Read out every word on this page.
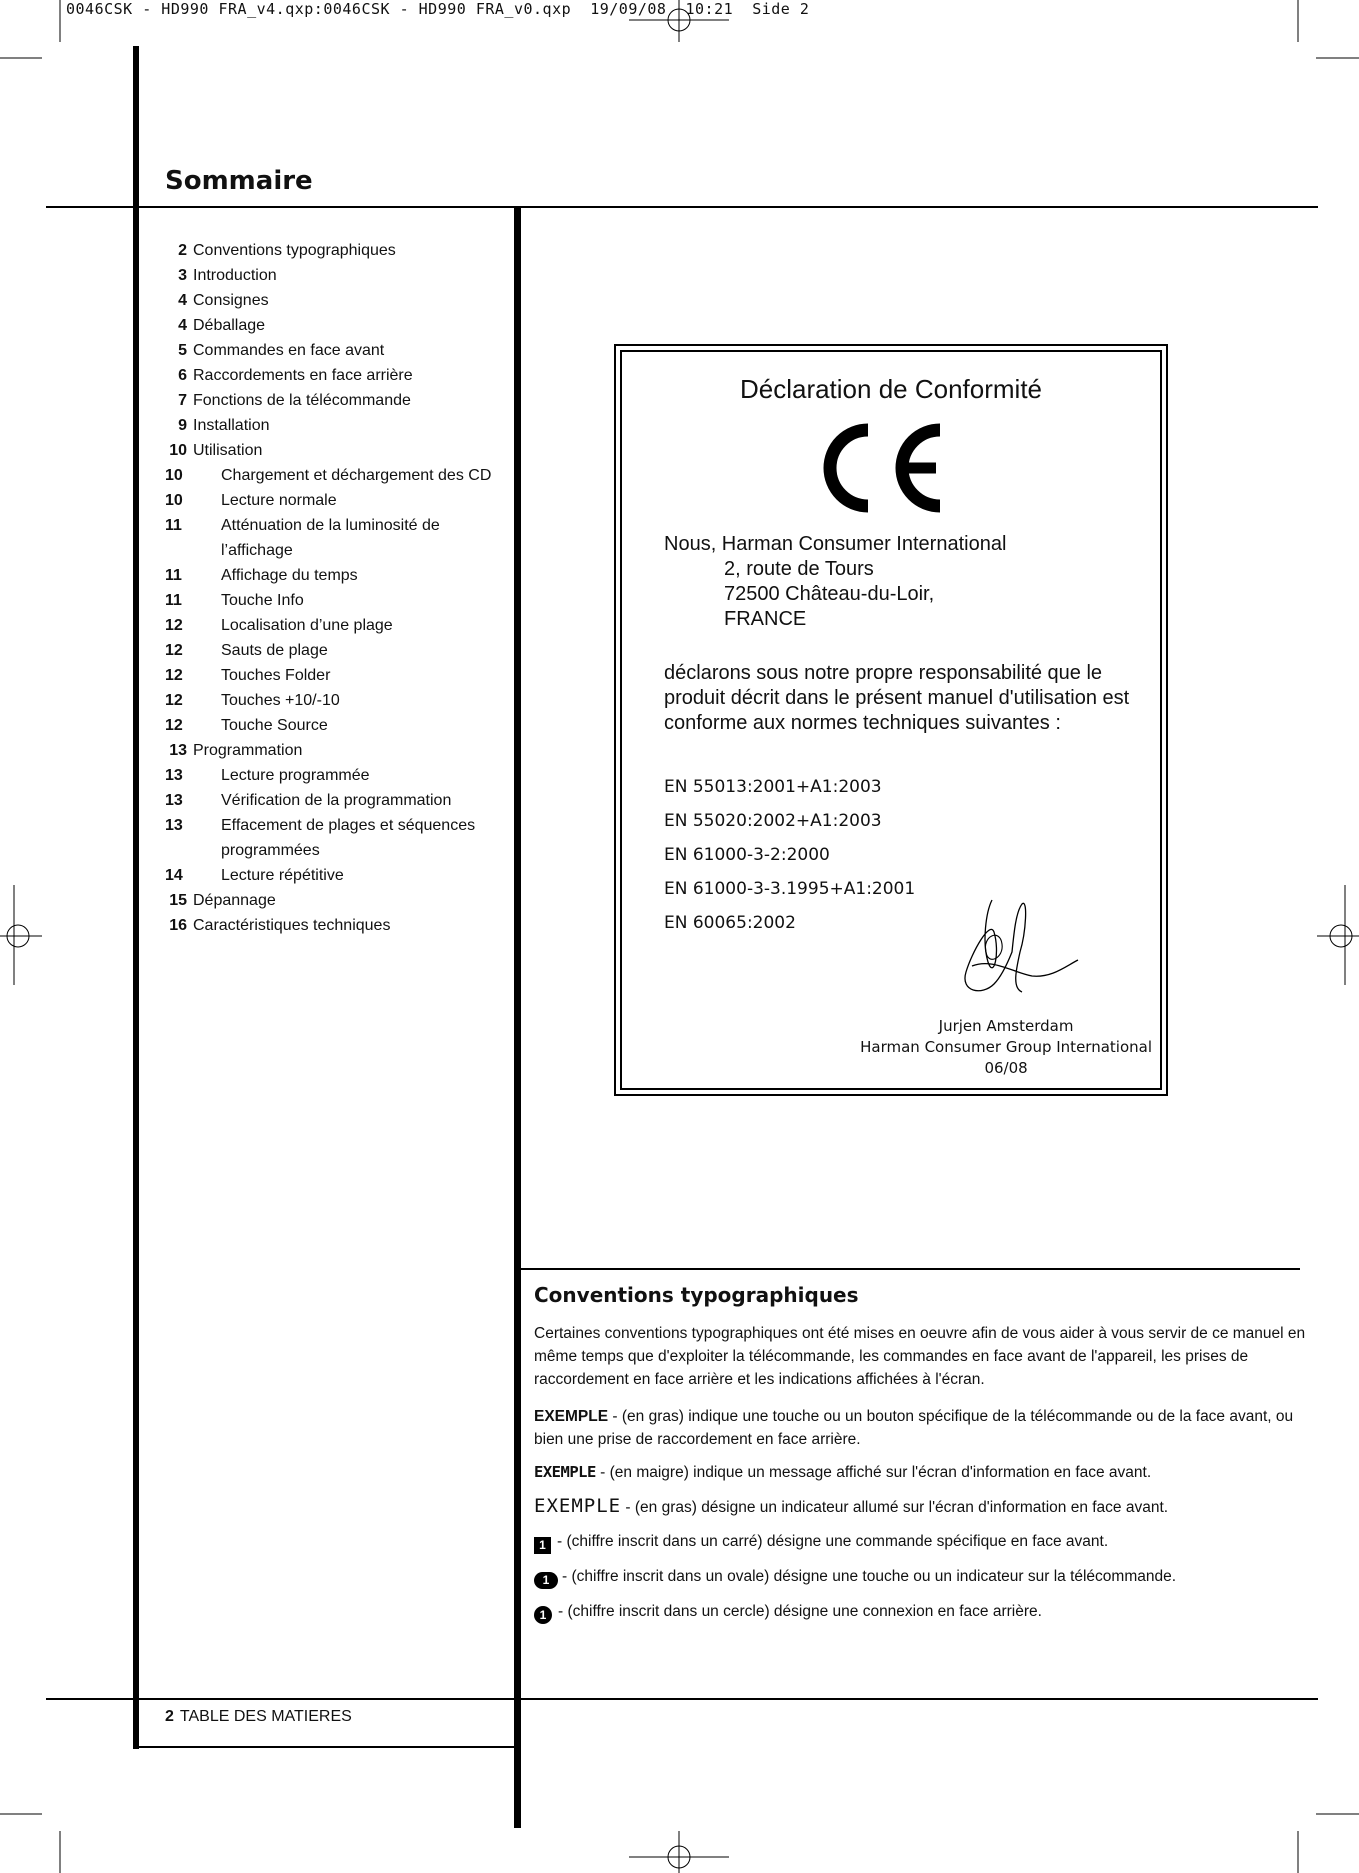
0046CSK - HD990 FRA_v4.qxp:0046CSK - HD990 FRA_v0.qxp  19/09/08  10:21  Side 2
Sommaire
2 Conventions typographiques
3 Introduction
4 Consignes
4 Déballage
5 Commandes en face avant
6 Raccordements en face arrière
7 Fonctions de la télécommande
9 Installation
10 Utilisation
10 Chargement et déchargement des CD
10 Lecture normale
11 Atténuation de la luminosité de
l’affichage
11 Affichage du temps
11 Touche Info
12 Localisation d’une plage
12 Sauts de plage
12 Touches Folder
12 Touches +10/-10
12 Touche Source
13 Programmation
13 Lecture programmée
13 Vérification de la programmation
13 Effacement de plages et séquences
programmées
14 Lecture répétitive
15 Dépannage
16 Caractéristiques techniques
Déclaration de Conformité
Nous, Harman Consumer International
2, route de Tours
72500 Château-du-Loir,
FRANCE
déclarons sous notre propre responsabilité que le produit décrit dans le présent manuel d'utilisation est conforme aux normes techniques suivantes :
EN 55013:2001+A1:2003
EN 55020:2002+A1:2003
EN 61000-3-2:2000
EN 61000-3-3.1995+A1:2001
EN 60065:2002
Jurjen Amsterdam
Harman Consumer Group International
06/08
Conventions typographiques
Certaines conventions typographiques ont été mises en oeuvre afin de vous aider à vous servir de ce manuel en même temps que d'exploiter la télécommande, les commandes en face avant de l'appareil, les prises de raccordement en face arrière et les indications affichées à l'écran.
EXEMPLE - (en gras) indique une touche ou un bouton spécifique de la télécommande ou de la face avant, ou bien une prise de raccordement en face arrière.
EXEMPLE - (en maigre) indique un message affiché sur l'écran d'information en face avant.
EXEMPLE - (en gras) désigne un indicateur allumé sur l'écran d'information en face avant.
1 - (chiffre inscrit dans un carré) désigne une commande spécifique en face avant.
1 - (chiffre inscrit dans un ovale) désigne une touche ou un indicateur sur la télécommande.
1 - (chiffre inscrit dans un cercle) désigne une connexion en face arrière.
2 TABLE DES MATIERES
